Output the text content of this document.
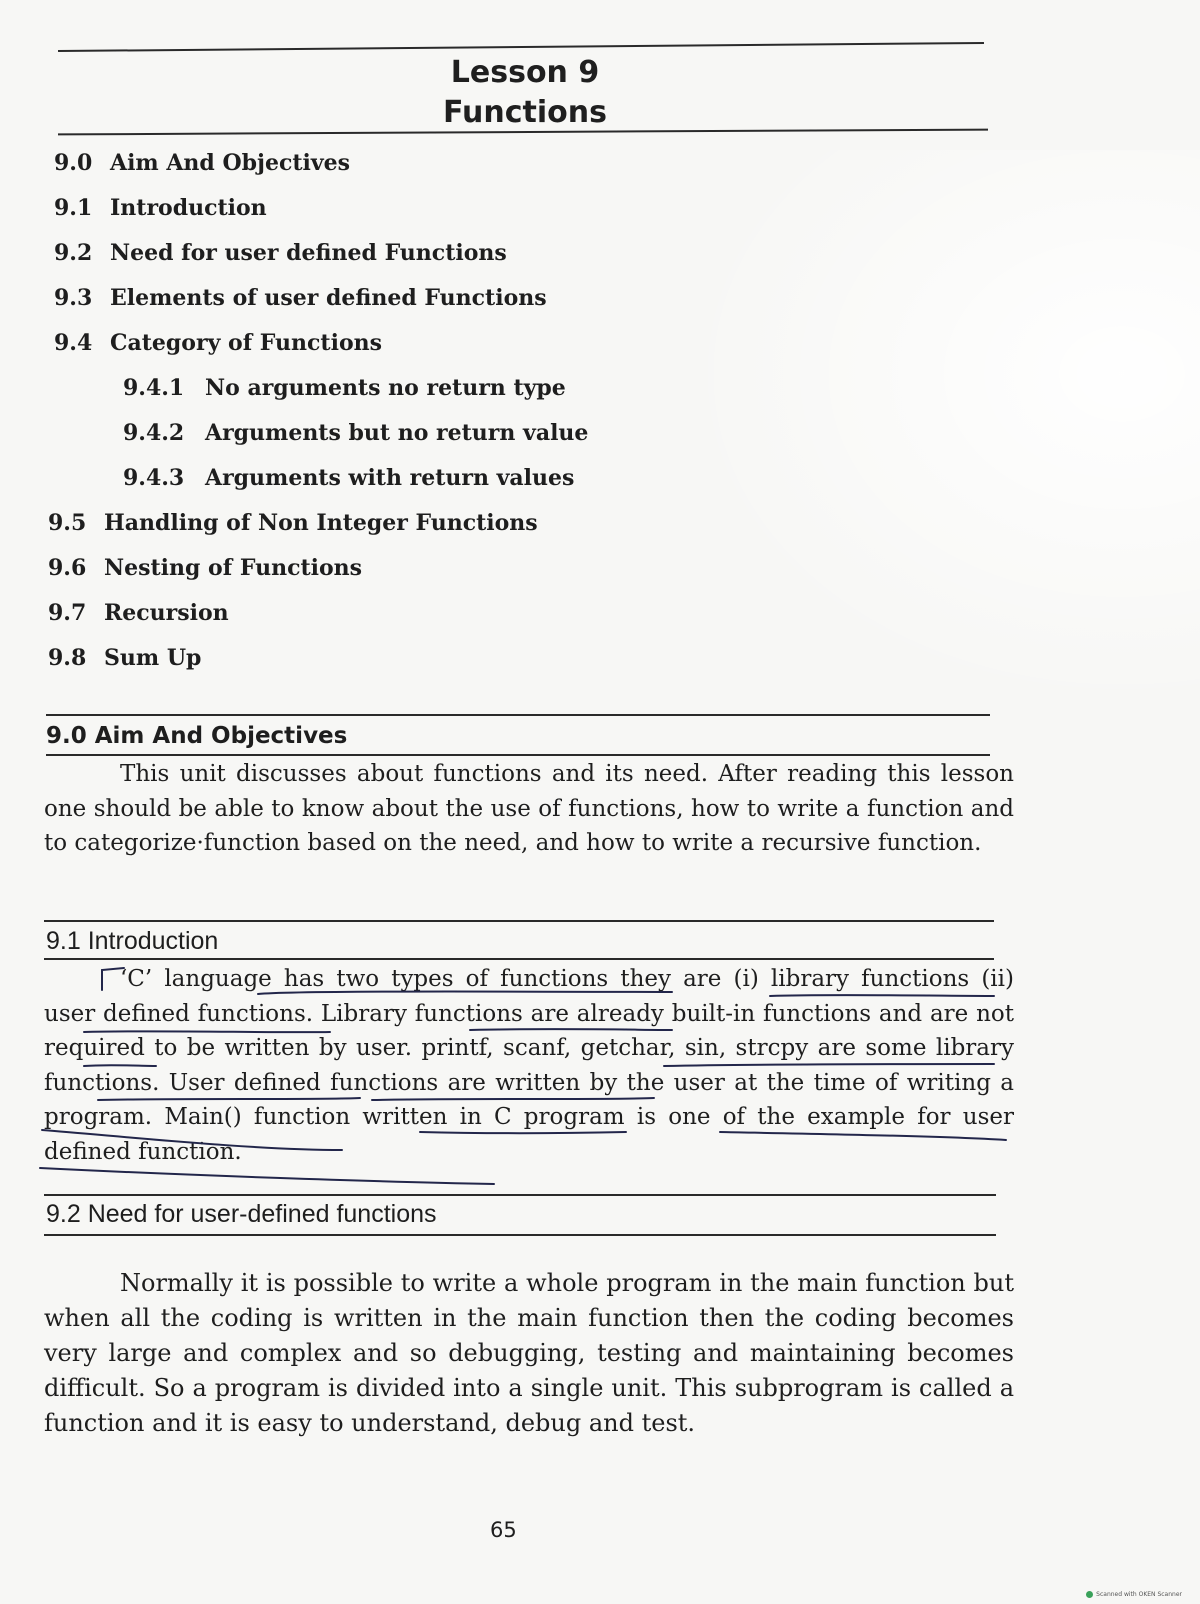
Lesson 9
Functions
9.0 Aim And Objectives
9.1 Introduction
9.2 Need for user defined Functions
9.3 Elements of user defined Functions
9.4 Category of Functions
9.4.1 No arguments no return type
9.4.2 Arguments but no return value
9.4.3 Arguments with return values
9.5 Handling of Non Integer Functions
9.6 Nesting of Functions
9.7 Recursion
9.8 Sum Up
9.0 Aim And Objectives

This unit discusses about functions and its need. After reading this lesson one should be able to know about the use of functions, how to write a function and to categorize·function based on the need, and how to write a recursive function.

9.1 Introduction

‘C’ language has two types of functions they are (i) library functions (ii) user defined functions. Library functions are already built-in functions and are not required to be written by user. printf, scanf, getchar, sin, strcpy are some library functions. User defined functions are written by the user at the time of writing a program. Main() function written in C program is one of the example for user defined function.

9.2 Need for user-defined functions

Normally it is possible to write a whole program in the main function but when all the coding is written in the main function then the coding becomes very large and complex and so debugging, testing and maintaining becomes difficult. So a program is divided into a single unit. This subprogram is called a function and it is easy to understand, debug and test.

65
Scanned with OKEN Scanner
